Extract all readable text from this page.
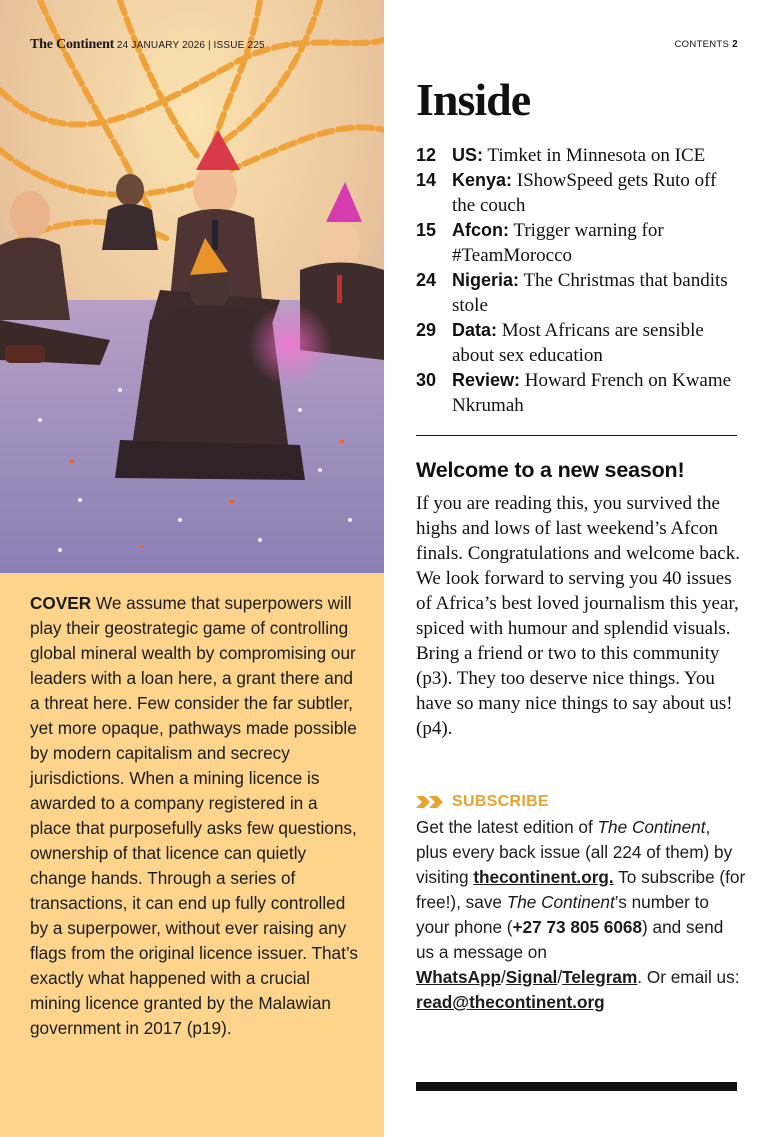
The Continent 24 JANUARY 2026 | ISSUE 225

COVER We assume that superpowers will play their geostrategic game of controlling global mineral wealth by compromising our leaders with a loan here, a grant there and a threat here. Few consider the far subtler, yet more opaque, pathways made possible by modern capitalism and secrecy jurisdictions. When a mining licence is awarded to a company registered in a place that purposefully asks few questions, ownership of that licence can quietly change hands. Through a series of transactions, it can end up fully controlled by a superpower, without ever raising any flags from the original licence issuer. That’s exactly what happened with a crucial mining licence granted by the Malawian government in 2017 (p19).

CONTENTS 2
Inside
12 US: Timket in Minnesota on ICE
14 Kenya: IShowSpeed gets Ruto off the couch
15 Afcon: Trigger warning for #TeamMorocco
24 Nigeria: The Christmas that bandits stole
29 Data: Most Africans are sensible about sex education
30 Review: Howard French on Kwame Nkrumah
Welcome to a new season!

If you are reading this, you survived the highs and lows of last weekend’s Afcon finals. Congratulations and welcome back. We look forward to serving you 40 issues of Africa’s best loved journalism this year, spiced with humour and splendid visuals. Bring a friend or two to this community (p3). They too deserve nice things. You have so many nice things to say about us! (p4).

SUBSCRIBE

Get the latest edition of The Continent, plus every back issue (all 224 of them) by visiting thecontinent.org. To subscribe (for free!), save The Continent’s number to your phone (+27 73 805 6068) and send us a message on WhatsApp/Signal/Telegram. Or email us: read@thecontinent.org
